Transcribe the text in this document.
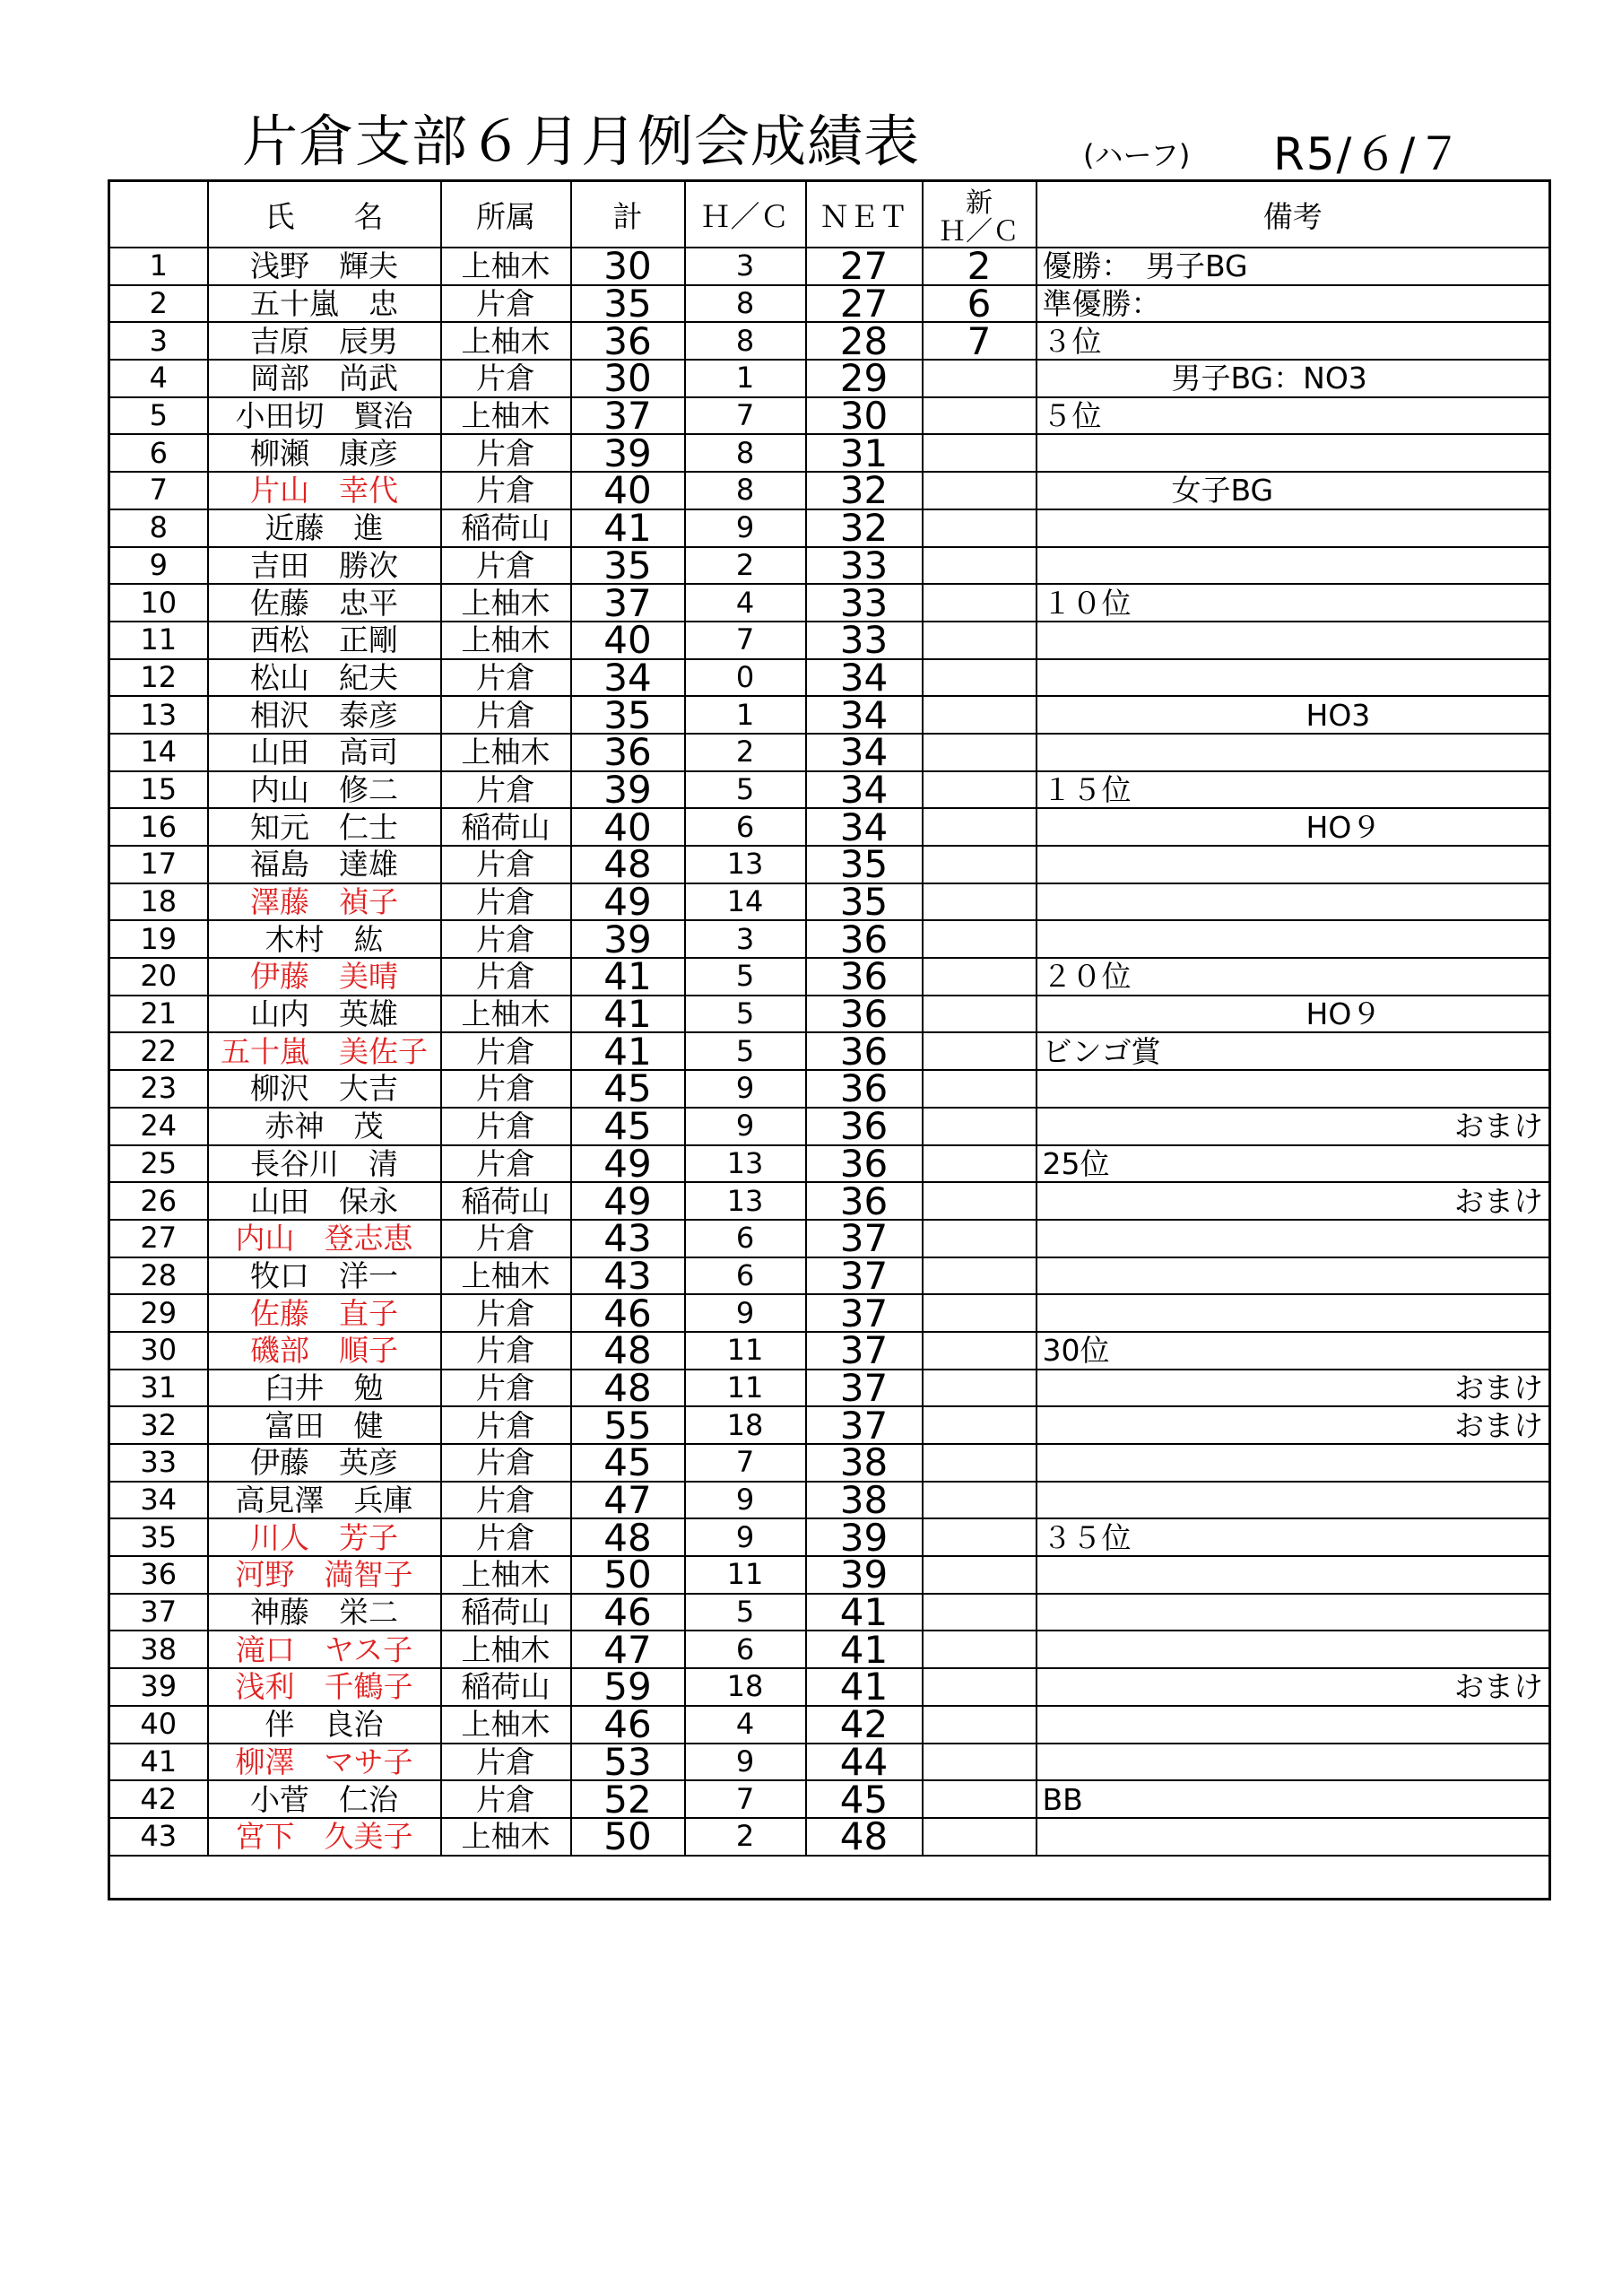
片倉支部６月月例会成績表	(ハーフ) R5/６/７
	氏　　名	所属	計	Ｈ／Ｃ	ＮＥＴ	新
Ｈ／Ｃ	備考
1	浅野　輝夫	上柚木	30	3	27	2	優勝：　男子BG
2	五十嵐　忠	片倉	35	8	27	6	準優勝：
3	吉原　辰男	上柚木	36	8	28	7	３位
4	岡部　尚武	片倉	30	1	29		男子BG：NO3
5	小田切　賢治	上柚木	37	7	30		５位
6	柳瀬　康彦	片倉	39	8	31		
7	片山　幸代	片倉	40	8	32		女子BG
8	近藤　進	稲荷山	41	9	32		
9	吉田　勝次	片倉	35	2	33		
10	佐藤　忠平	上柚木	37	4	33		１０位
11	西松　正剛	上柚木	40	7	33		
12	松山　紀夫	片倉	34	0	34		
13	相沢　泰彦	片倉	35	1	34		HO3
14	山田　高司	上柚木	36	2	34		
15	内山　修二	片倉	39	5	34		１５位
16	知元　仁士	稲荷山	40	6	34		HO９
17	福島　達雄	片倉	48	13	35		
18	澤藤　禎子	片倉	49	14	35		
19	木村　紘	片倉	39	3	36		
20	伊藤　美晴	片倉	41	5	36		２０位
21	山内　英雄	上柚木	41	5	36		HO９
22	五十嵐　美佐子	片倉	41	5	36		ビンゴ賞
23	柳沢　大吉	片倉	45	9	36		
24	赤神　茂	片倉	45	9	36		おまけ
25	長谷川　清	片倉	49	13	36		25位
26	山田　保永	稲荷山	49	13	36		おまけ
27	内山　登志恵	片倉	43	6	37		
28	牧口　洋一	上柚木	43	6	37		
29	佐藤　直子	片倉	46	9	37		
30	磯部　順子	片倉	48	11	37		30位
31	臼井　勉	片倉	48	11	37		おまけ
32	富田　健	片倉	55	18	37		おまけ
33	伊藤　英彦	片倉	45	7	38		
34	高見澤　兵庫	片倉	47	9	38		
35	川人　芳子	片倉	48	9	39		３５位
36	河野　満智子	上柚木	50	11	39		
37	神藤　栄二	稲荷山	46	5	41		
38	滝口　ヤス子	上柚木	47	6	41		
39	浅利　千鶴子	稲荷山	59	18	41		おまけ
40	伴　良治	上柚木	46	4	42		
41	柳澤　マサ子	片倉	53	9	44		
42	小菅　仁治	片倉	52	7	45		BB
43	宮下　久美子	上柚木	50	2	48		
